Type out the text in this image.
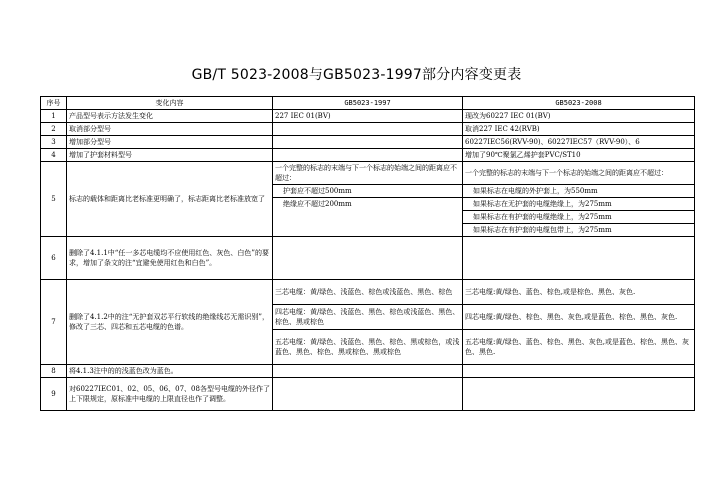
GB/T 5023-2008与GB5023-1997部分内容变更表
序号	变化内容	GB5023-1997	GB5023-2008
1	产品型号表示方法发生变化	227 IEC 01(BV)	现改为60227 IEC 01(BV)
2	取消部分型号		取消227 IEC 42(RVB)
3	增加部分型号		60227IEC56(RVV-90)、60227IEC57（RVV-90）、6
4	增加了护套材料型号		增加了90℃聚氯乙烯护套PVC/ST10
5	标志的载体和距离比老标准更明确了，标志距离比老标准放宽了	一个完整的标志的末端与下一个标志的始端之间的距离应不超过：	一个完整的标志的末端与下一个标志的始端之间的距离应不超过：
		护套应不超过500mm	如果标志在电缆的外护套上，为550mm
		绝缘应不超过200mm	如果标志在无护套的电缆绝缘上，为275mm
			如果标志在有护套的电缆绝缘上，为275mm
			如果标志在有护套的电缆包带上，为275mm
6	删除了4.1.1中“任一多芯电缆均不应使用红色、灰色、白色”的要求，增加了条文的注“宜避免使用红色和白色”。		
7	删除了4.1.2中的注“无护套双芯平行软线的绝缘线芯无需识别”，修改了三芯、四芯和五芯电缆的色谱。	三芯电缆：黄/绿色、浅蓝色、棕色或浅蓝色、黑色、棕色	三芯电缆:黄/绿色、蓝色、棕色,或是棕色、黑色、灰色.
		四芯电缆：黄/绿色、浅蓝色、黑色、棕色或浅蓝色、黑色、棕色、黑或棕色	四芯电缆:黄/绿色、棕色、黑色、灰色,或是蓝色、棕色、黑色、灰色.
		五芯电缆：黄/绿色、浅蓝色、黑色、棕色、黑或棕色，或浅蓝色、黑色、棕色、黑或棕色、黑或棕色	五芯电缆:黄/绿色、蓝色、棕色、黑色、灰色,或是蓝色、棕色、黑色、灰色、黑色.
8	将4.1.3注中的的浅蓝色改为蓝色。		
9	对60227IEC01、02、05、06、07、08各型号电缆的外径作了上下限规定，原标准中电缆的上限直径也作了调整。		
